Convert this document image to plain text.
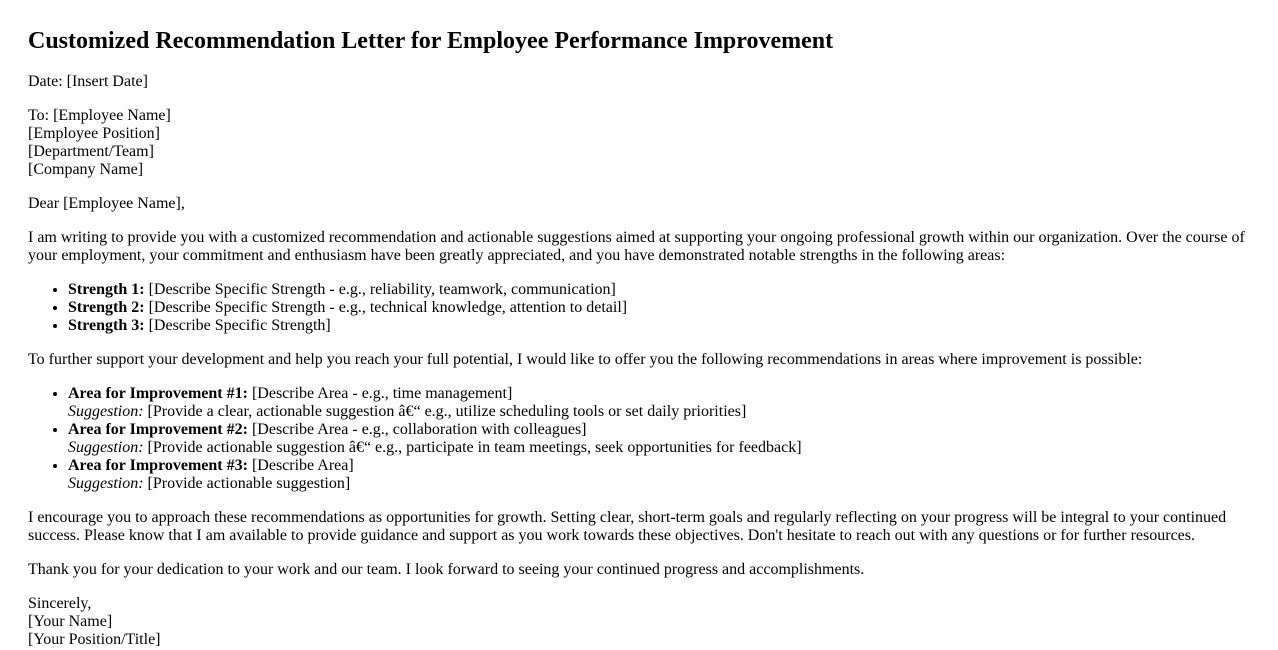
Customized Recommendation Letter for Employee Performance Improvement

Date: [Insert Date]

To: [Employee Name]
[Employee Position]
[Department/Team]
[Company Name]

Dear [Employee Name],

I am writing to provide you with a customized recommendation and actionable suggestions aimed at supporting your ongoing professional growth within our organization. Over the course of your employment, your commitment and enthusiasm have been greatly appreciated, and you have demonstrated notable strengths in the following areas:

• Strength 1: [Describe Specific Strength - e.g., reliability, teamwork, communication]
• Strength 2: [Describe Specific Strength - e.g., technical knowledge, attention to detail]
• Strength 3: [Describe Specific Strength]

To further support your development and help you reach your full potential, I would like to offer you the following recommendations in areas where improvement is possible:

• Area for Improvement #1: [Describe Area - e.g., time management]
Suggestion: [Provide a clear, actionable suggestion â€“ e.g., utilize scheduling tools or set daily priorities]
• Area for Improvement #2: [Describe Area - e.g., collaboration with colleagues]
Suggestion: [Provide actionable suggestion â€“ e.g., participate in team meetings, seek opportunities for feedback]
• Area for Improvement #3: [Describe Area]
Suggestion: [Provide actionable suggestion]

I encourage you to approach these recommendations as opportunities for growth. Setting clear, short-term goals and regularly reflecting on your progress will be integral to your continued success. Please know that I am available to provide guidance and support as you work towards these objectives. Don't hesitate to reach out with any questions or for further resources.

Thank you for your dedication to your work and our team. I look forward to seeing your continued progress and accomplishments.

Sincerely,
[Your Name]
[Your Position/Title]
